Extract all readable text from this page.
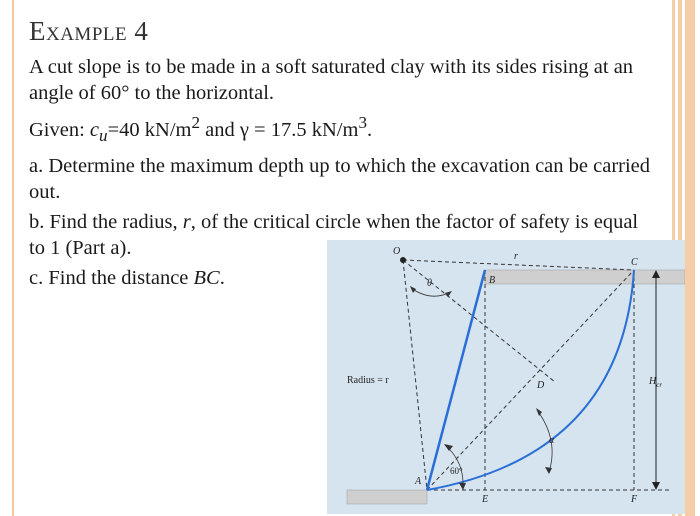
Example 4

A cut slope is to be made in a soft saturated clay with its sides rising at an angle of 60° to the horizontal.

Given: $c_u=40$ $kN/m^2$ and γ = 17.5 $kN/m^3$.

a. Determine the maximum depth up to which the excavation can be carried out.

b. Find the radius, r, of the critical circle when the factor of safety is equal to 1 (Part a).

c. Find the distance BC.

O	r
C
B
θ
Radius = r	D	$H_{cr}$
α
60°
A
E	F
